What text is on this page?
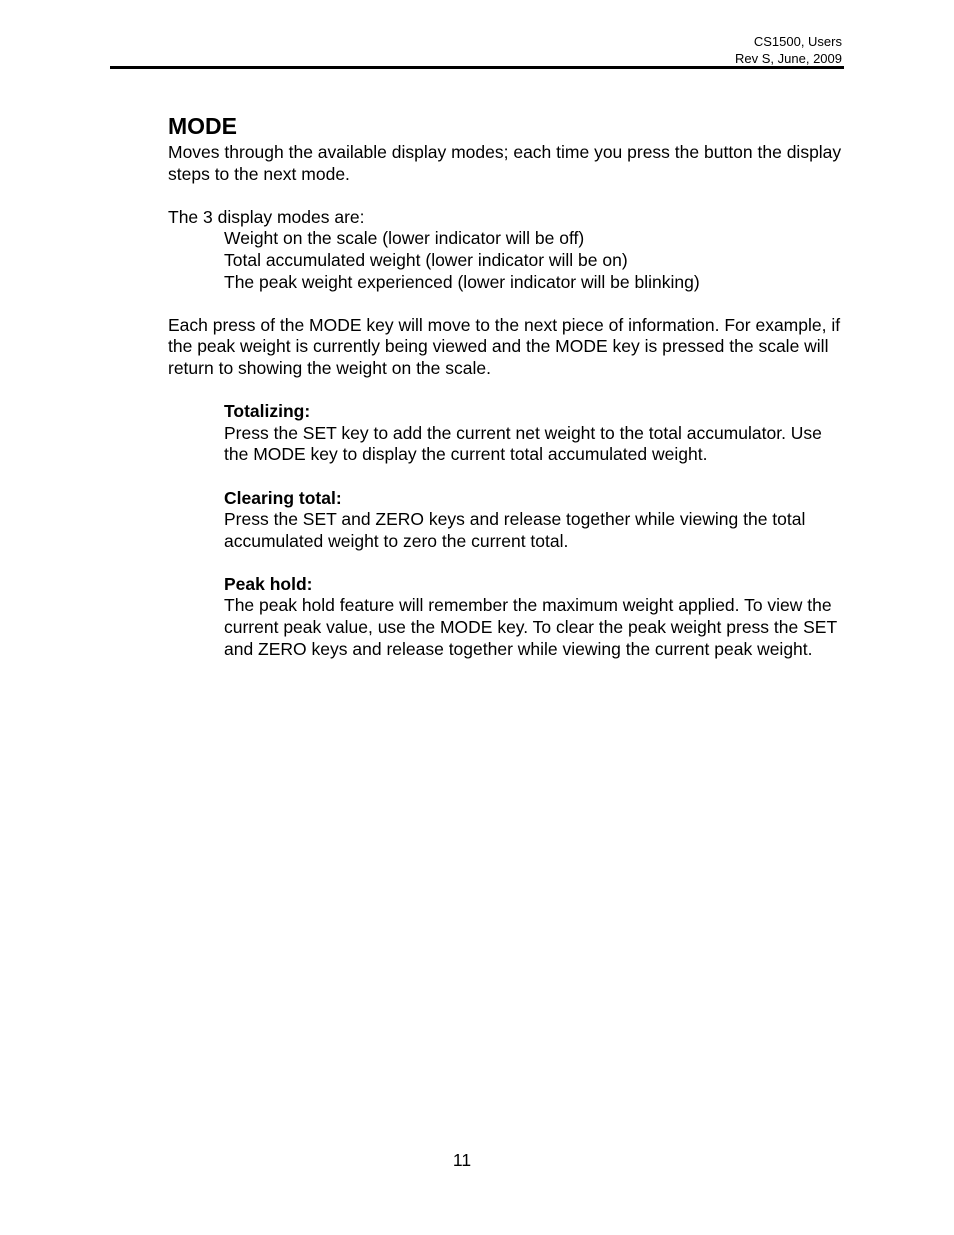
CS1500, Users
Rev S, June, 2009
MODE

Moves through the available display modes; each time you press the button the display steps to the next mode.

The 3 display modes are:

Weight on the scale (lower indicator will be off)
Total accumulated weight (lower indicator will be on)
The peak weight experienced (lower indicator will be blinking)

Each press of the MODE key will move to the next piece of information. For example, if the peak weight is currently being viewed and the MODE key is pressed the scale will return to showing the weight on the scale.

Totalizing:

Press the SET key to add the current net weight to the total accumulator. Use the MODE key to display the current total accumulated weight.

Clearing total:

Press the SET and ZERO keys and release together while viewing the total accumulated weight to zero the current total.

Peak hold:

The peak hold feature will remember the maximum weight applied. To view the current peak value, use the MODE key. To clear the peak weight press the SET and ZERO keys and release together while viewing the current peak weight.

11
